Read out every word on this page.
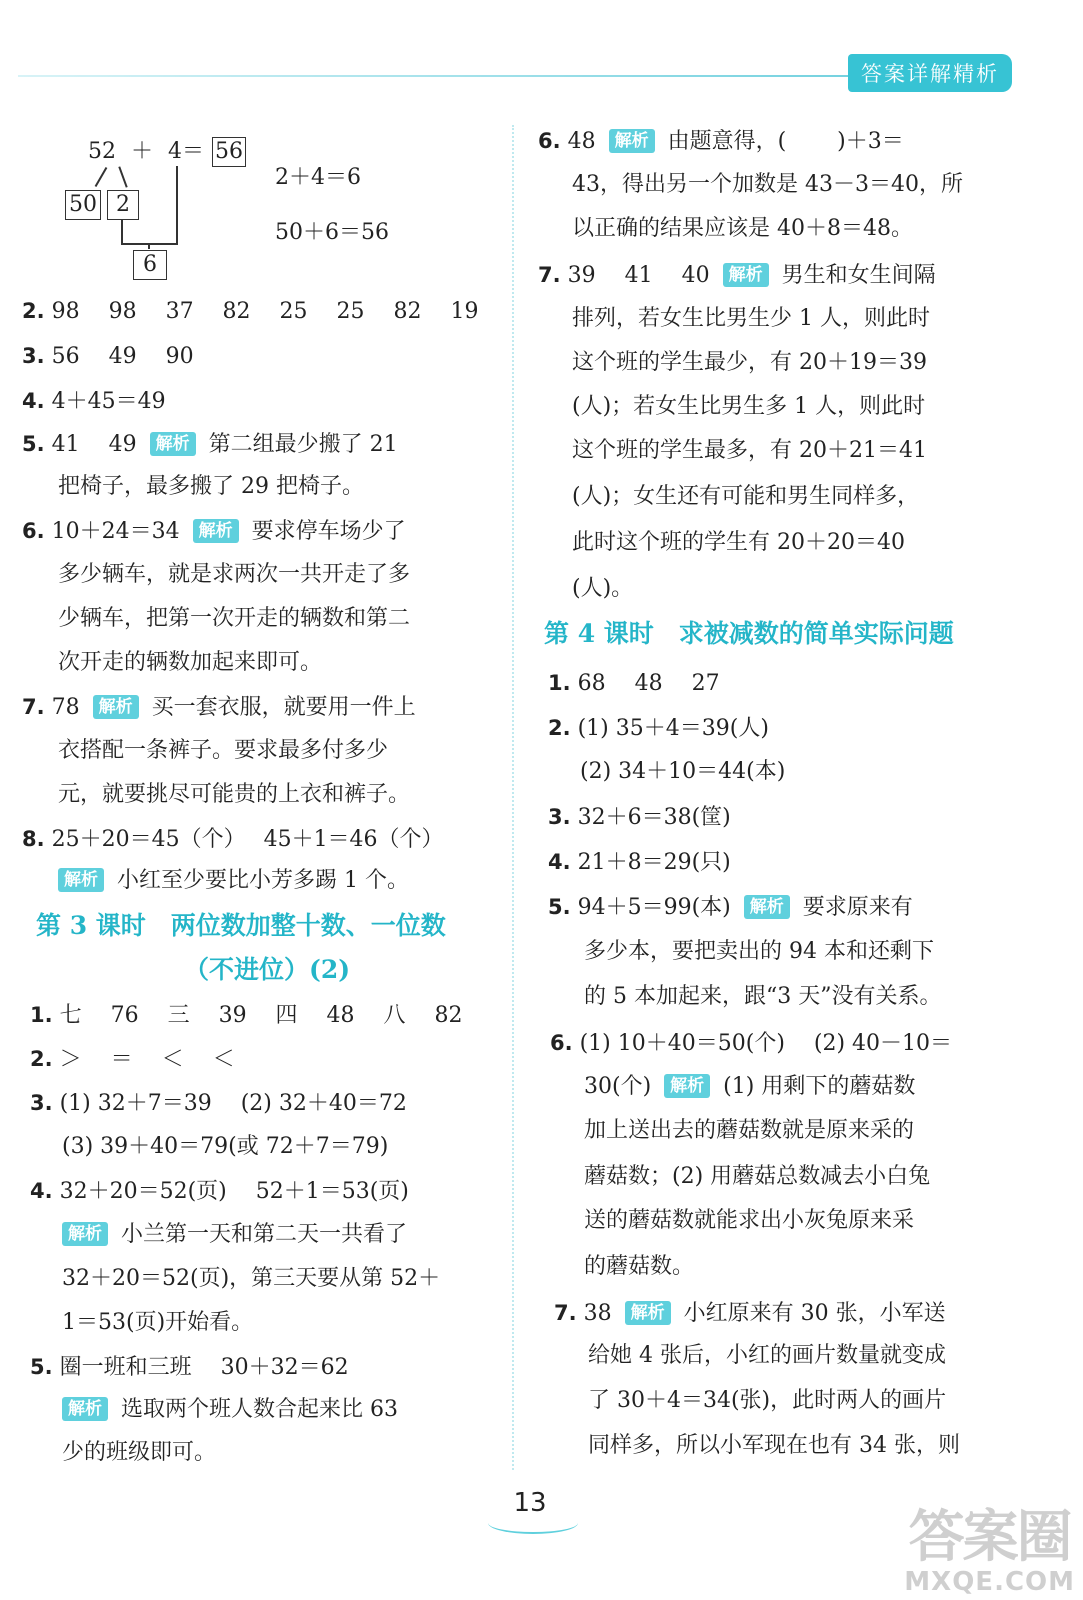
答案详解精析
52 ＋ 4＝ 56
50 2
6
2＋4＝6
50＋6＝56
2. 98　 98　 37　 82　 25　 25　 82　 19
3. 56　 49　 90
4. 4＋45＝49
5. 41　 49 解析 第二组最少搬了 21
把椅子，最多搬了 29 把椅子。
6. 10＋24＝34 解析 要求停车场少了
多少辆车，就是求两次一共开走了多
少辆车，把第一次开走的辆数和第二
次开走的辆数加起来即可。
7. 78 解析 买一套衣服，就要用一件上
衣搭配一条裤子。要求最多付多少
元，就要挑尽可能贵的上衣和裤子。
8. 25＋20＝45（个）　 45＋1＝46（个）
解析 小红至少要比小芳多踢 1 个。
第 3 课时　两位数加整十数、一位数
（不进位）(2)
1. 七　 76　 三　 39　 四　 48　 八　 82
2. ＞　 ＝　 ＜　 ＜
3. (1) 32＋7＝39　 (2) 32＋40＝72
(3) 39＋40＝79(或 72＋7＝79)
4. 32＋20＝52(页)　 52＋1＝53(页)
解析 小兰第一天和第二天一共看了
32＋20＝52(页)，第三天要从第 52＋
1＝53(页)开始看。
5. 圈一班和三班　 30＋32＝62
解析 选取两个班人数合起来比 63
少的班级即可。
6. 48 解析 由题意得，(　　 )＋3＝
43，得出另一个加数是 43－3＝40，所
以正确的结果应该是 40＋8＝48。
7. 39　 41　 40 解析 男生和女生间隔
排列，若女生比男生少 1 人，则此时
这个班的学生最少，有 20＋19＝39
(人)；若女生比男生多 1 人，则此时
这个班的学生最多，有 20＋21＝41
(人)；女生还有可能和男生同样多，
此时这个班的学生有 20＋20＝40
(人)。
第 4 课时　求被减数的简单实际问题
1. 68　 48　 27
2. (1) 35＋4＝39(人)
(2) 34＋10＝44(本)
3. 32＋6＝38(筐)
4. 21＋8＝29(只)
5. 94＋5＝99(本) 解析 要求原来有
多少本，要把卖出的 94 本和还剩下
的 5 本加起来，跟“3 天”没有关系。
6. (1) 10＋40＝50(个)　 (2) 40－10＝
30(个) 解析 (1) 用剩下的蘑菇数
加上送出去的蘑菇数就是原来采的
蘑菇数；(2) 用蘑菇总数减去小白兔
送的蘑菇数就能求出小灰兔原来采
的蘑菇数。
7. 38 解析 小红原来有 30 张，小军送
给她 4 张后，小红的画片数量就变成
了 30＋4＝34(张)，此时两人的画片
同样多，所以小军现在也有 34 张，则
13
答案圈
MXQE.COM
